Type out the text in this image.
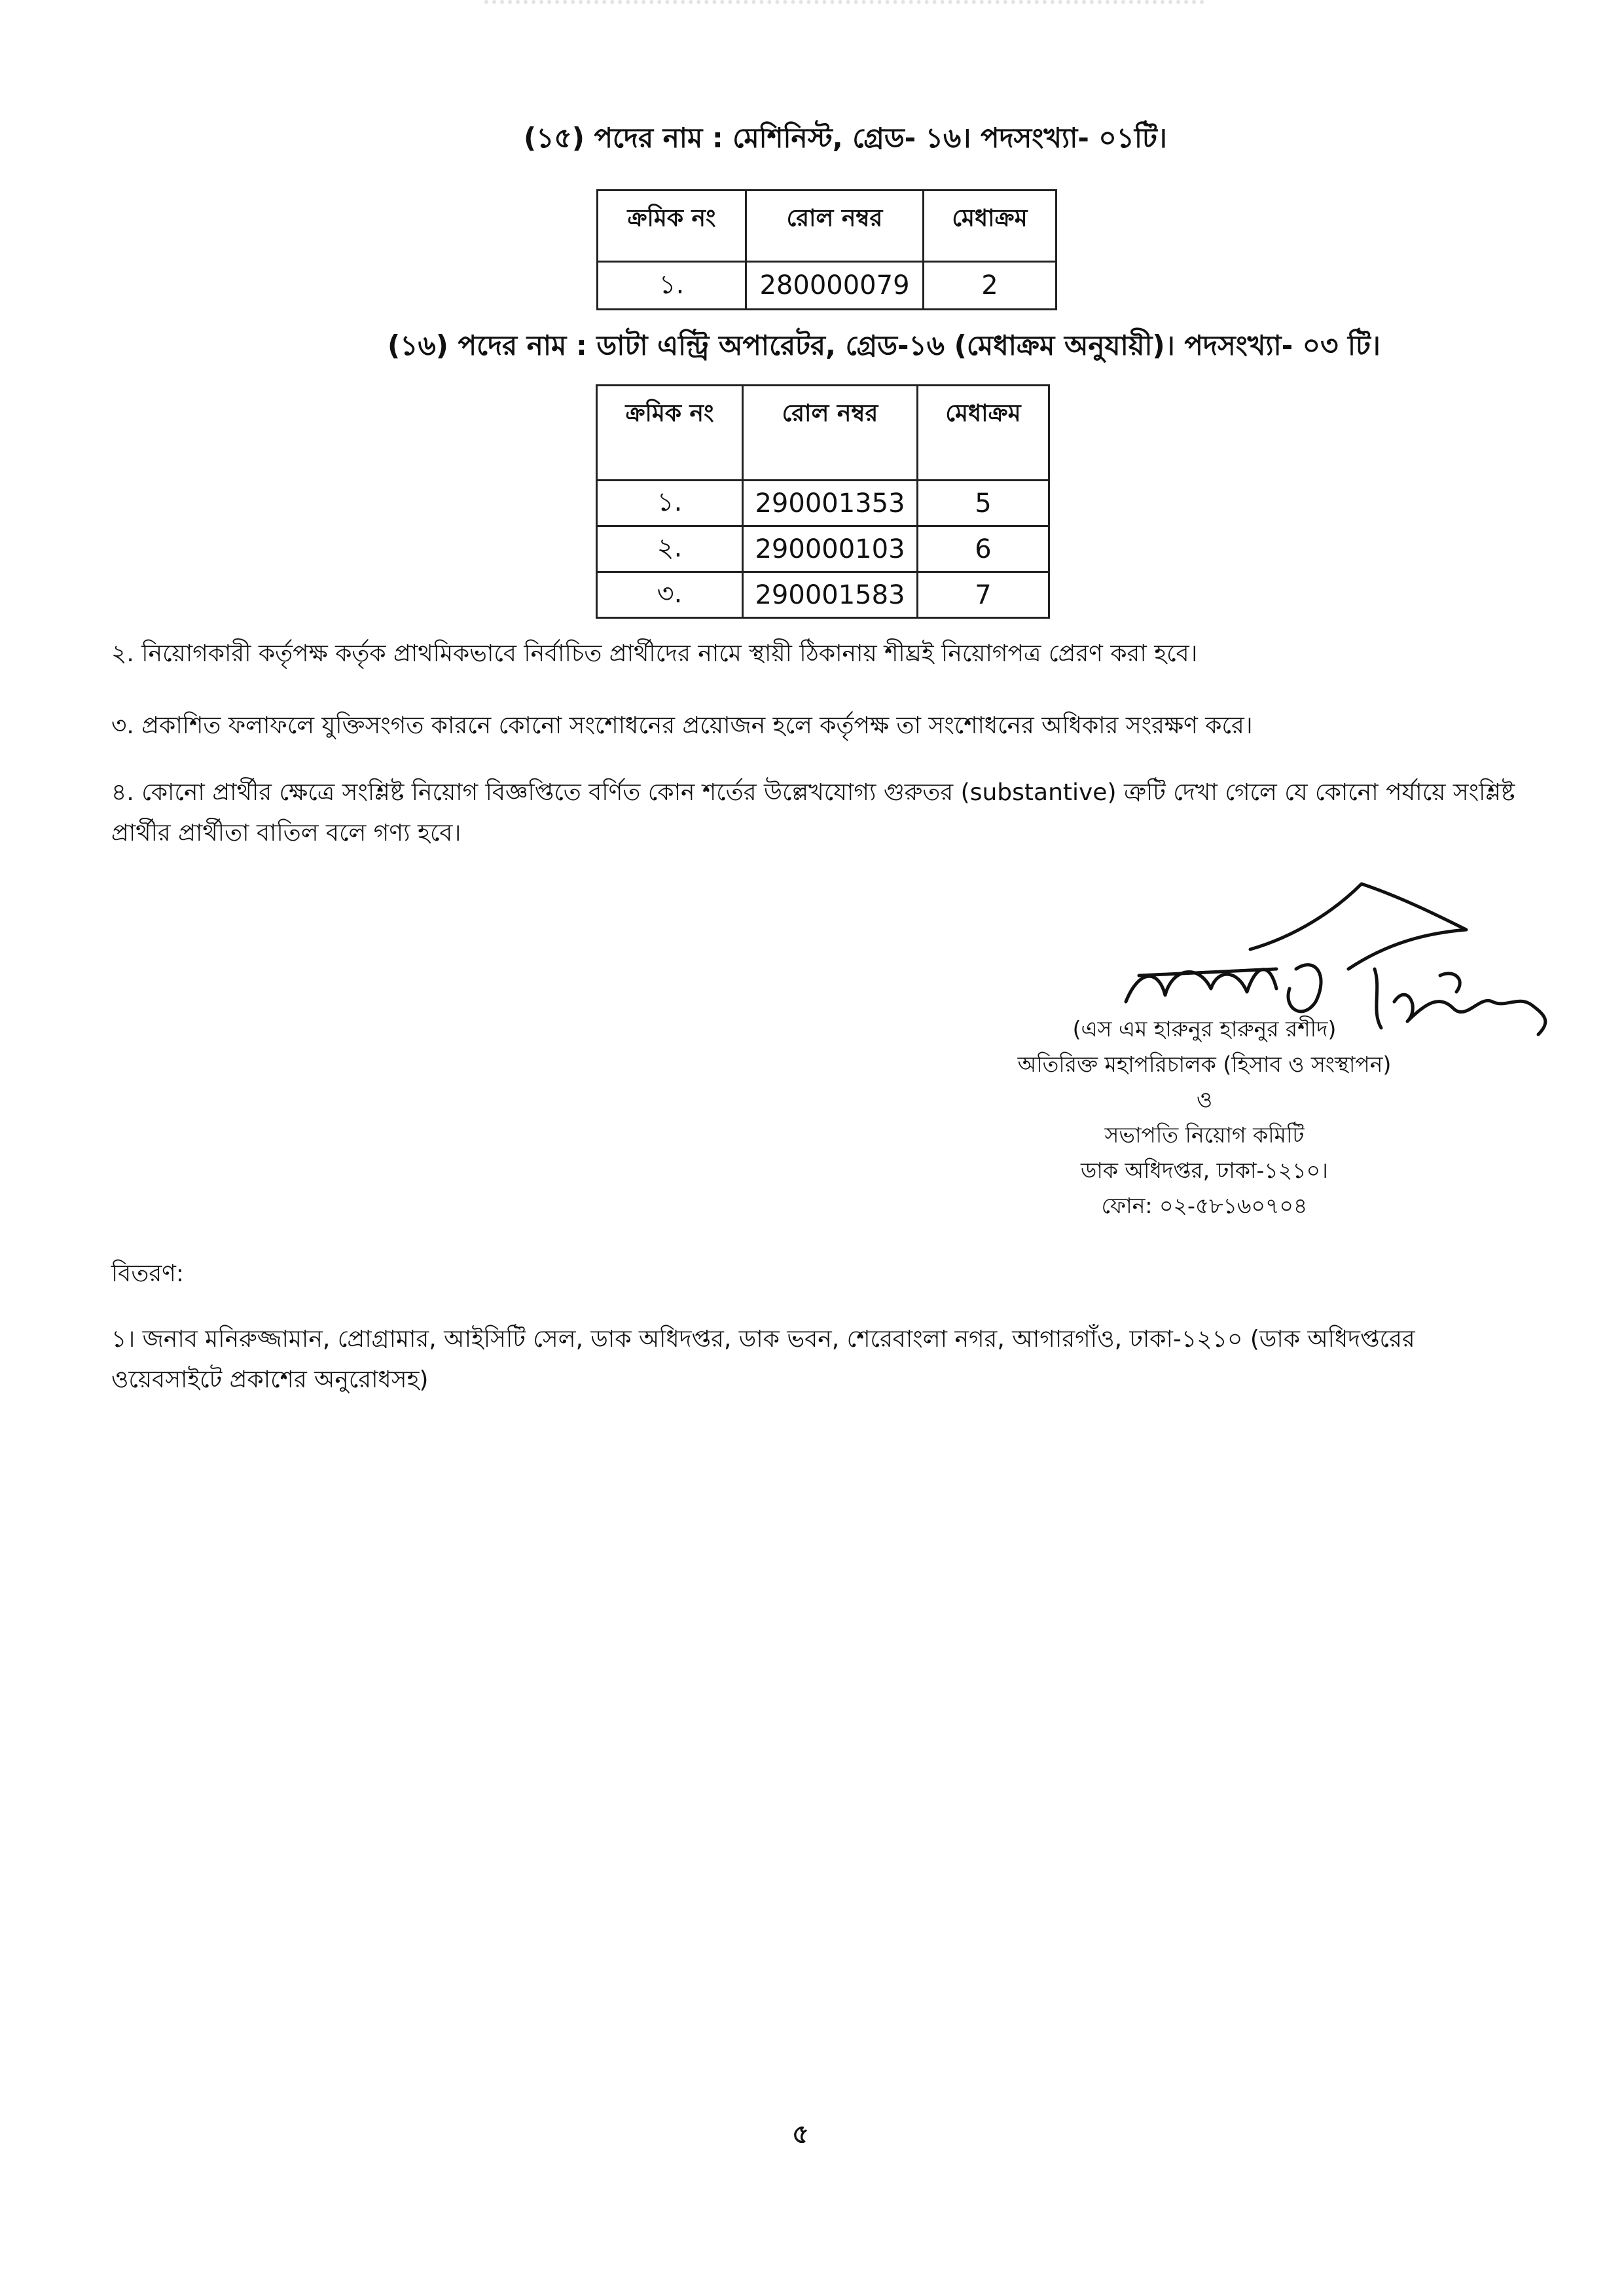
(১৫) পদের নাম : মেশিনিস্ট, গ্রেড- ১৬। পদসংখ্যা- ০১টি।
ক্রমিক নং	রোল নম্বর	মেধাক্রম
১.	280000079	2
(১৬) পদের নাম : ডাটা এন্ট্রি অপারেটর, গ্রেড-১৬ (মেধাক্রম অনুযায়ী)। পদসংখ্যা- ০৩ টি।
ক্রমিক নং	রোল নম্বর	মেধাক্রম
১.	290001353	5
২.	290000103	6
৩.	290001583	7
২. নিয়োগকারী কর্তৃপক্ষ কর্তৃক প্রাথমিকভাবে নির্বাচিত প্রার্থীদের নামে স্থায়ী ঠিকানায় শীঘ্রই নিয়োগপত্র প্রেরণ করা হবে।
৩. প্রকাশিত ফলাফলে যুক্তিসংগত কারনে কোনো সংশোধনের প্রয়োজন হলে কর্তৃপক্ষ তা সংশোধনের অধিকার সংরক্ষণ করে।
৪. কোনো প্রার্থীর ক্ষেত্রে সংশ্লিষ্ট নিয়োগ বিজ্ঞপ্তিতে বর্ণিত কোন শর্তের উল্লেখযোগ্য গুরুতর (substantive) ত্রুটি দেখা গেলে যে কোনো পর্যায়ে সংশ্লিষ্ট প্রার্থীর প্রার্থীতা বাতিল বলে গণ্য হবে।
(এস এম হারুনুর হারুনুর রশীদ)
অতিরিক্ত মহাপরিচালক (হিসাব ও সংস্থাপন)
ও
সভাপতি নিয়োগ কমিটি
ডাক অধিদপ্তর, ঢাকা-১২১০।
ফোন: ০২-৫৮১৬০৭০৪
বিতরণ:
১। জনাব মনিরুজ্জামান, প্রোগ্রামার, আইসিটি সেল, ডাক অধিদপ্তর, ডাক ভবন, শেরেবাংলা নগর, আগারগাঁও, ঢাকা-১২১০ (ডাক অধিদপ্তরের ওয়েবসাইটে প্রকাশের অনুরোধসহ)
৫
